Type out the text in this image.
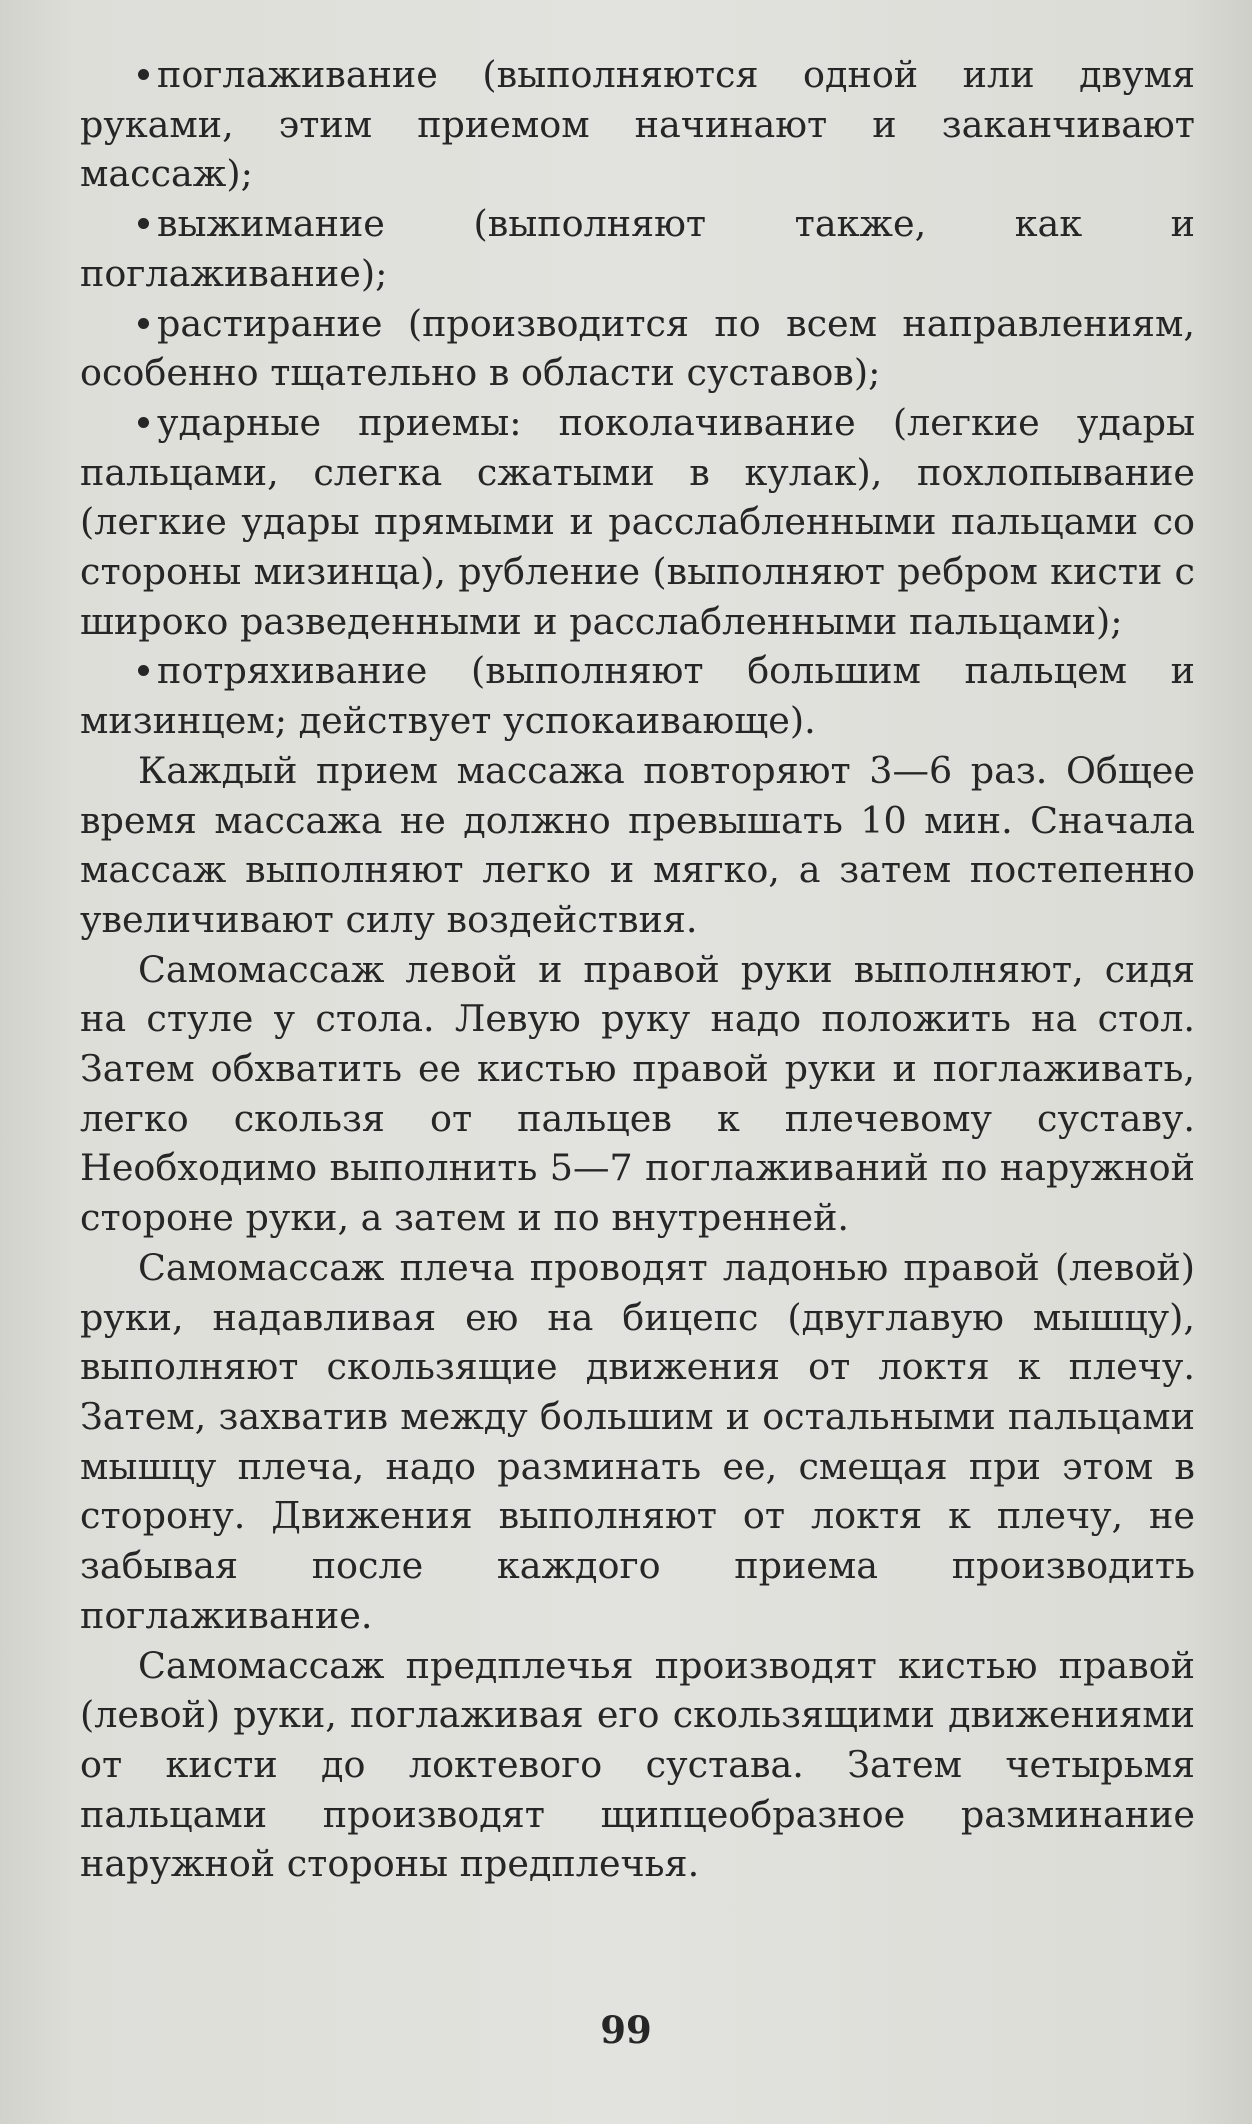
поглаживание (выполняются одной или двумя руками, этим приемом начинают и заканчивают массаж);

выжимание (выполняют также, как и поглаживание);

растирание (производится по всем направлениям, особенно тщательно в области суставов);

ударные приемы: поколачивание (легкие удары пальцами, слегка сжатыми в кулак), похлопывание (легкие удары прямыми и расслабленными пальцами со стороны мизинца), рубление (выполняют ребром кисти с широко разведенными и расслабленными пальцами);

потряхивание (выполняют большим пальцем и мизинцем; действует успокаивающе).

Каждый прием массажа повторяют 3—6 раз. Общее время массажа не должно превышать 10 мин. Сначала массаж выполняют легко и мягко, а затем постепенно увеличивают силу воздействия.

Самомассаж левой и правой руки выполняют, сидя на стуле у стола. Левую руку надо положить на стол. Затем обхватить ее кистью правой руки и поглаживать, легко скользя от пальцев к плечевому суставу. Необходимо выполнить 5—7 поглаживаний по наружной стороне руки, а затем и по внутренней.

Самомассаж плеча проводят ладонью правой (левой) руки, надавливая ею на бицепс (двуглавую мышцу), выполняют скользящие движения от локтя к плечу. Затем, захватив между большим и остальными пальцами мышцу плеча, надо разминать ее, смещая при этом в сторону. Движения выполняют от локтя к плечу, не забывая после каждого приема производить поглаживание.

Самомассаж предплечья производят кистью правой (левой) руки, поглаживая его скользящими движениями от кисти до локтевого сустава. Затем четырьмя пальцами производят щипцеобразное разминание наружной стороны предплечья.

99
